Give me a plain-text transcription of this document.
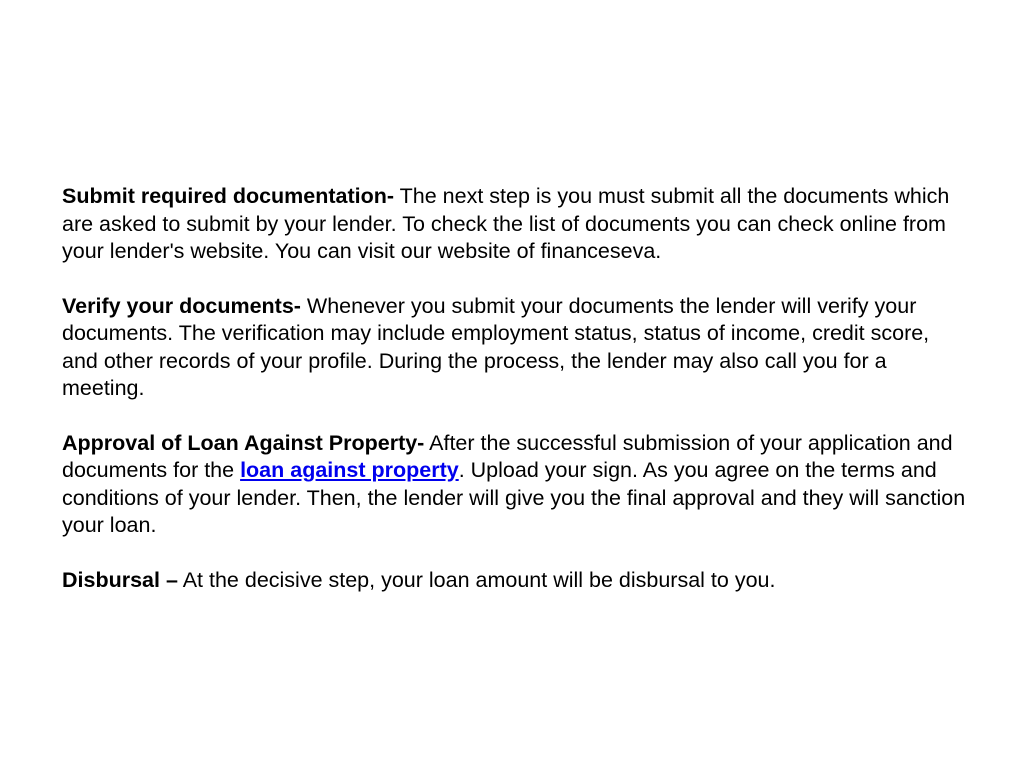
Submit required documentation- The next step is you must submit all the documents which are asked to submit by your lender. To check the list of documents you can check online from your lender's website. You can visit our website of financeseva.

Verify your documents- Whenever you submit your documents the lender will verify your documents. The verification may include employment status, status of income, credit score, and other records of your profile. During the process, the lender may also call you for a meeting.

Approval of Loan Against Property- After the successful submission of your application and documents for the loan against property. Upload your sign. As you agree on the terms and conditions of your lender. Then, the lender will give you the final approval and they will sanction your loan.

Disbursal – At the decisive step, your loan amount will be disbursal to you.
